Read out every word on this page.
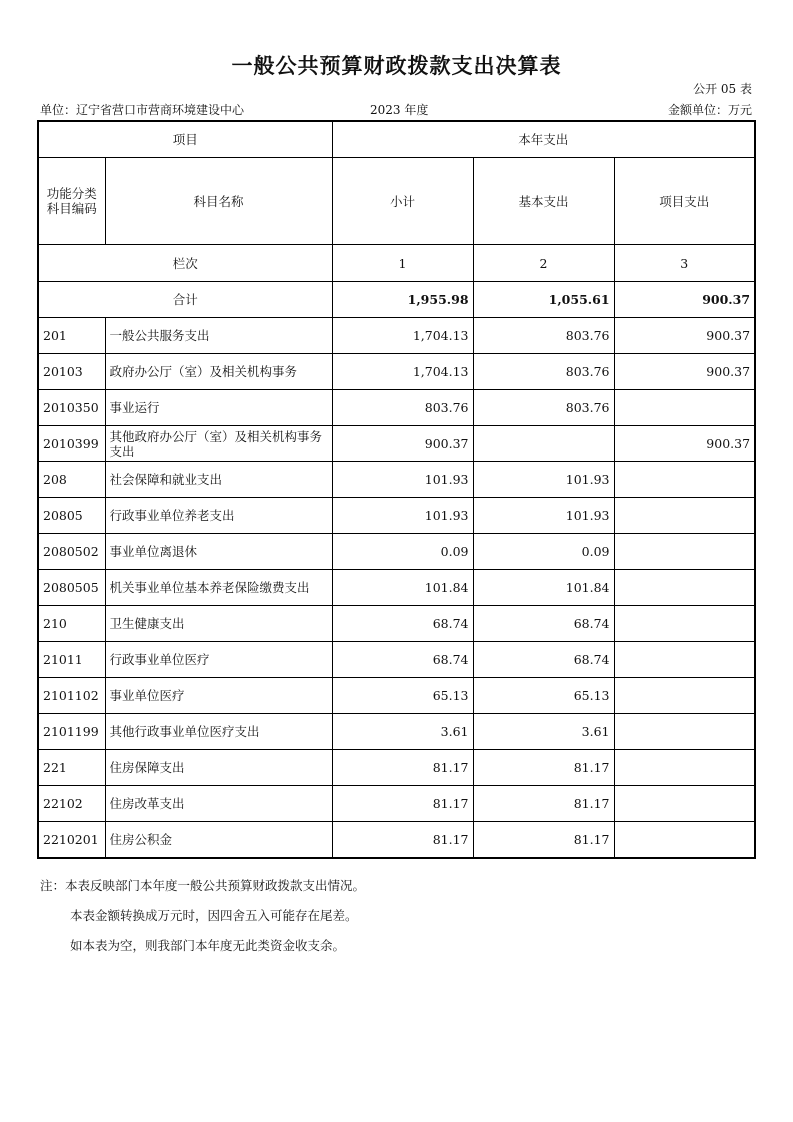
一般公共预算财政拨款支出决算表
公开 05 表
单位：辽宁省营口市营商环境建设中心	2023 年度	金额单位：万元
项目		本年支出		
功能分类科目编码	科目名称	小计	基本支出	项目支出
栏次		1	2	3
合计		1,955.98	1,055.61	900.37
201	一般公共服务支出	1,704.13	803.76	900.37
20103	政府办公厅（室）及相关机构事务	1,704.13	803.76	900.37
2010350	事业运行	803.76	803.76	
2010399	其他政府办公厅（室）及相关机构事务支出	900.37		900.37
208	社会保障和就业支出	101.93	101.93	
20805	行政事业单位养老支出	101.93	101.93	
2080502	事业单位离退休	0.09	0.09	
2080505	机关事业单位基本养老保险缴费支出	101.84	101.84	
210	卫生健康支出	68.74	68.74	
21011	行政事业单位医疗	68.74	68.74	
2101102	事业单位医疗	65.13	65.13	
2101199	其他行政事业单位医疗支出	3.61	3.61	
221	住房保障支出	81.17	81.17	
22102	住房改革支出	81.17	81.17	
2210201	住房公积金	81.17	81.17	
注：本表反映部门本年度一般公共预算财政拨款支出情况。
本表金额转换成万元时，因四舍五入可能存在尾差。
如本表为空，则我部门本年度无此类资金收支余。
